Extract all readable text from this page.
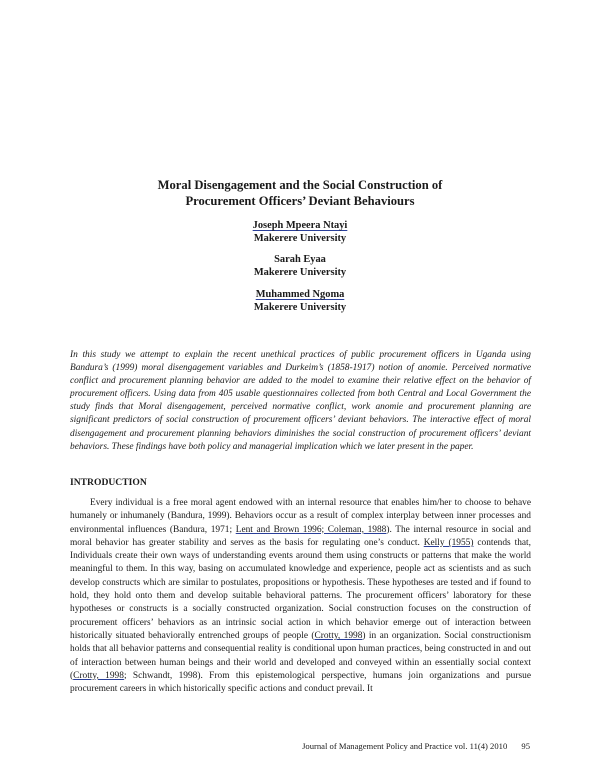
Moral Disengagement and the Social Construction of
Procurement Officers’ Deviant Behaviours
Joseph Mpeera Ntayi
Makerere University
Sarah Eyaa
Makerere University
Muhammed Ngoma
Makerere University

In this study we attempt to explain the recent unethical practices of public procurement officers in Uganda using Bandura’s (1999) moral disengagement variables and Durkeim’s (1858-1917) notion of anomie. Perceived normative conflict and procurement planning behavior are added to the model to examine their relative effect on the behavior of procurement officers. Using data from 405 usable questionnaires collected from both Central and Local Government the study finds that Moral disengagement, perceived normative conflict, work anomie and procurement planning are significant predictors of social construction of procurement officers’ deviant behaviors. The interactive effect of moral disengagement and procurement planning behaviors diminishes the social construction of procurement officers’ deviant behaviors. These findings have both policy and managerial implication which we later present in the paper.

INTRODUCTION

Every individual is a free moral agent endowed with an internal resource that enables him/her to choose to behave humanely or inhumanely (Bandura, 1999). Behaviors occur as a result of complex interplay between inner processes and environmental influences (Bandura, 1971; Lent and Brown 1996; Coleman, 1988). The internal resource in social and moral behavior has greater stability and serves as the basis for regulating one’s conduct. Kelly (1955) contends that, Individuals create their own ways of understanding events around them using constructs or patterns that make the world meaningful to them. In this way, basing on accumulated knowledge and experience, people act as scientists and as such develop constructs which are similar to postulates, propositions or hypothesis. These hypotheses are tested and if found to hold, they hold onto them and develop suitable behavioral patterns. The procurement officers’ laboratory for these hypotheses or constructs is a socially constructed organization. Social construction focuses on the construction of procurement officers’ behaviors as an intrinsic social action in which behavior emerge out of interaction between historically situated behaviorally entrenched groups of people (Crotty, 1998) in an organization. Social constructionism holds that all behavior patterns and consequential reality is conditional upon human practices, being constructed in and out of interaction between human beings and their world and developed and conveyed within an essentially social context (Crotty, 1998; Schwandt, 1998). From this epistemological perspective, humans join organizations and pursue procurement careers in which historically specific actions and conduct prevail. It

Journal of Management Policy and Practice vol. 11(4) 2010 95
